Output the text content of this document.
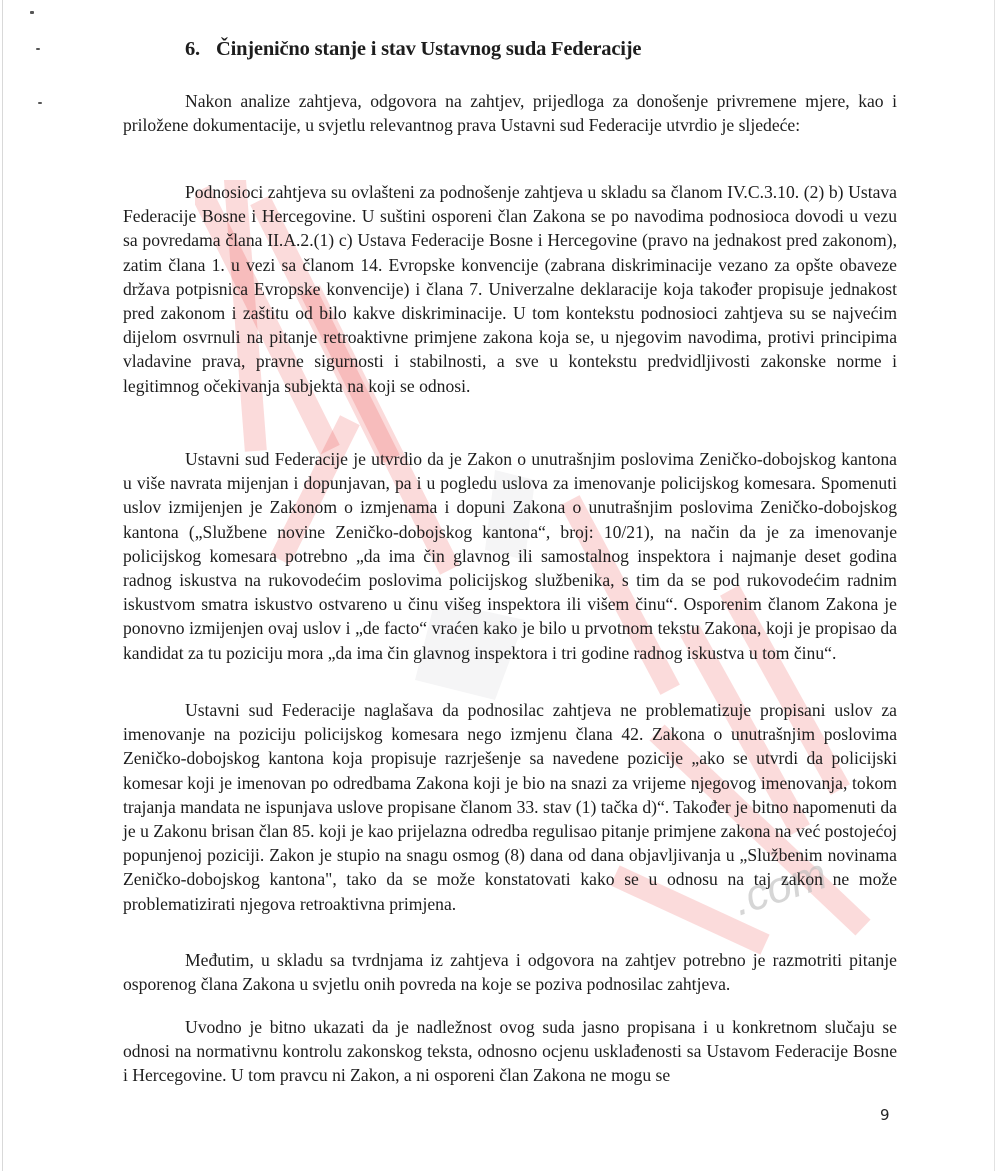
.com
6. Činjenično stanje i stav Ustavnog suda Federacije

Nakon analize zahtjeva, odgovora na zahtjev, prijedloga za donošenje privremene mjere, kao i priložene dokumentacije, u svjetlu relevantnog prava Ustavni sud Federacije utvrdio je sljedeće:

Podnosioci zahtjeva su ovlašteni za podnošenje zahtjeva u skladu sa članom IV.C.3.10. (2) b) Ustava Federacije Bosne i Hercegovine. U suštini osporeni član Zakona se po navodima podnosioca dovodi u vezu sa povredama člana II.A.2.(1) c) Ustava Federacije Bosne i Hercegovine (pravo na jednakost pred zakonom), zatim člana 1. u vezi sa članom 14. Evropske konvencije (zabrana diskriminacije vezano za opšte obaveze država potpisnica Evropske konvencije) i člana 7. Univerzalne deklaracije koja također propisuje jednakost pred zakonom i zaštitu od bilo kakve diskriminacije. U tom kontekstu podnosioci zahtjeva su se najvećim dijelom osvrnuli na pitanje retroaktivne primjene zakona koja se, u njegovim navodima, protivi principima vladavine prava, pravne sigurnosti i stabilnosti, a sve u kontekstu predvidljivosti zakonske norme i legitimnog očekivanja subjekta na koji se odnosi.

Ustavni sud Federacije je utvrdio da je Zakon o unutrašnjim poslovima Zeničko-dobojskog kantona u više navrata mijenjan i dopunjavan, pa i u pogledu uslova za imenovanje policijskog komesara. Spomenuti uslov izmijenjen je Zakonom o izmjenama i dopuni Zakona o unutrašnjim poslovima Zeničko-dobojskog kantona („Službene novine Zeničko-dobojskog kantona“, broj: 10/21), na način da je za imenovanje policijskog komesara potrebno „da ima čin glavnog ili samostalnog inspektora i najmanje deset godina radnog iskustva na rukovodećim poslovima policijskog službenika, s tim da se pod rukovodećim radnim iskustvom smatra iskustvo ostvareno u činu višeg inspektora ili višem činu“. Osporenim članom Zakona je ponovno izmijenjen ovaj uslov i „de facto“ vraćen kako je bilo u prvotnom tekstu Zakona, koji je propisao da kandidat za tu poziciju mora „da ima čin glavnog inspektora i tri godine radnog iskustva u tom činu“.

Ustavni sud Federacije naglašava da podnosilac zahtjeva ne problematizuje propisani uslov za imenovanje na poziciju policijskog komesara nego izmjenu člana 42. Zakona o unutrašnjim poslovima Zeničko-dobojskog kantona koja propisuje razrješenje sa navedene pozicije „ako se utvrdi da policijski komesar koji je imenovan po odredbama Zakona koji je bio na snazi za vrijeme njegovog imenovanja, tokom trajanja mandata ne ispunjava uslove propisane članom 33. stav (1) tačka d)“. Također je bitno napomenuti da je u Zakonu brisan član 85. koji je kao prijelazna odredba regulisao pitanje primjene zakona na već postojećoj popunjenoj poziciji. Zakon je stupio na snagu osmog (8) dana od dana objavljivanja u „Službenim novinama Zeničko-dobojskog kantona", tako da se može konstatovati kako se u odnosu na taj zakon ne može problematizirati njegova retroaktivna primjena.

Međutim, u skladu sa tvrdnjama iz zahtjeva i odgovora na zahtjev potrebno je razmotriti pitanje osporenog člana Zakona u svjetlu onih povreda na koje se poziva podnosilac zahtjeva.

Uvodno je bitno ukazati da je nadležnost ovog suda jasno propisana i u konkretnom slučaju se odnosi na normativnu kontrolu zakonskog teksta, odnosno ocjenu usklađenosti sa Ustavom Federacije Bosne i Hercegovine. U tom pravcu ni Zakon, a ni osporeni član Zakona ne mogu se

9
